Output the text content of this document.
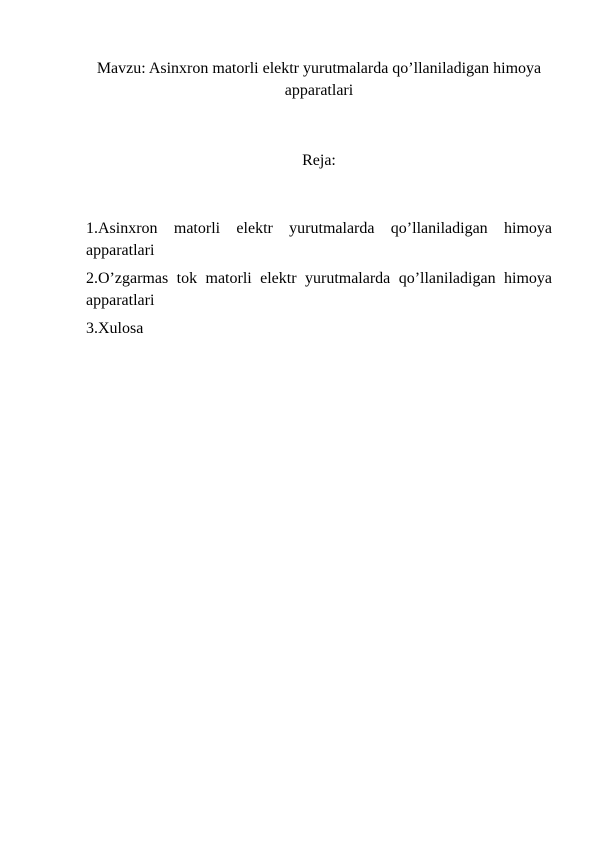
Mavzu: Asinxron matorli elektr yurutmalarda qo’llaniladigan himoya apparatlari
Reja:
1.Asinxron matorli elektr yurutmalarda qo’llaniladigan himoya apparatlari
2.O’zgarmas tok matorli elektr yurutmalarda qo’llaniladigan himoya apparatlari
3.Xulosa
